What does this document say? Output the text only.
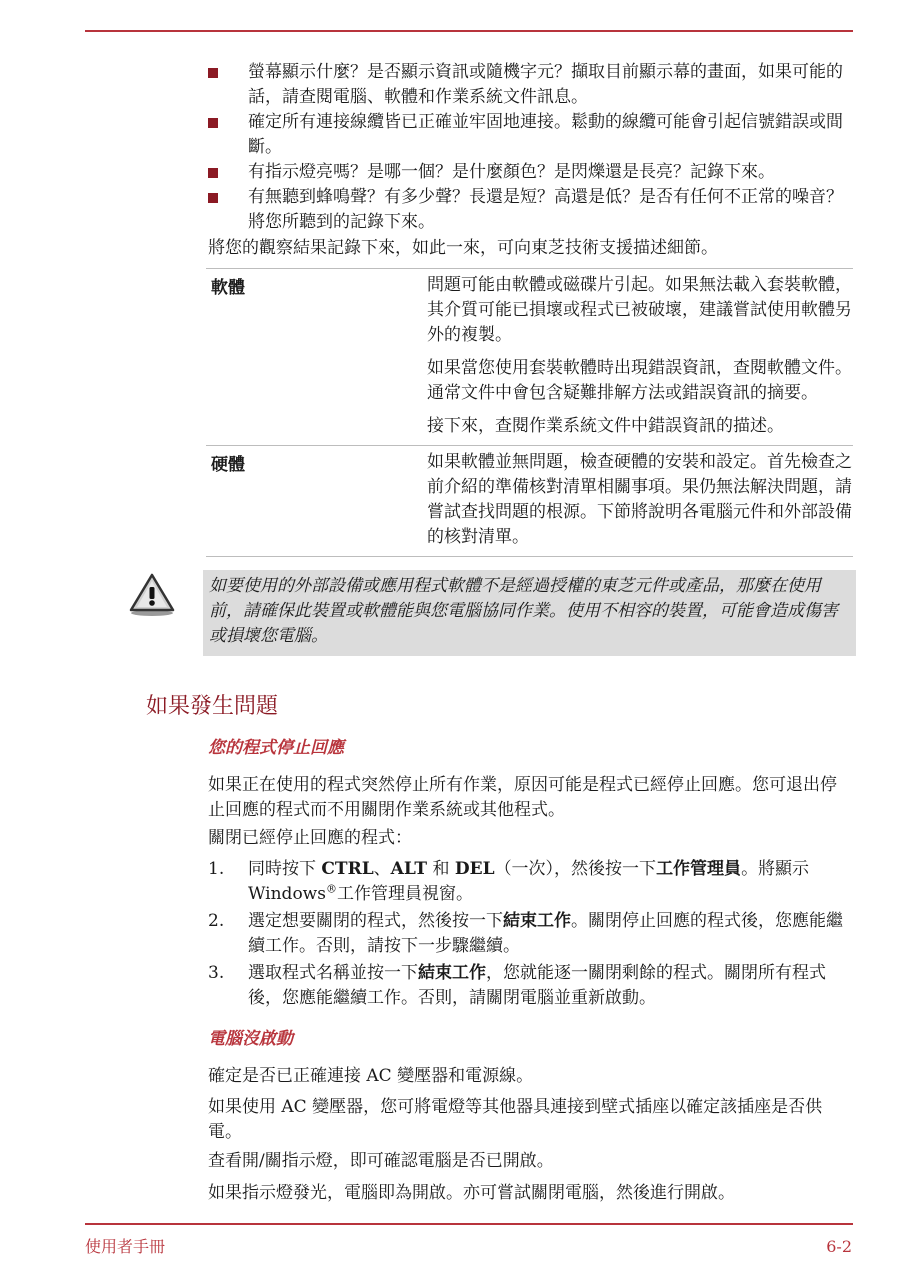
螢幕顯示什麼？是否顯示資訊或隨機字元？擷取目前顯示幕的畫面，如果可能的話，請查閱電腦、軟體和作業系統文件訊息。
確定所有連接線纜皆已正確並牢固地連接。鬆動的線纜可能會引起信號錯誤或間斷。
有指示燈亮嗎？是哪一個？是什麼顏色？是閃爍還是長亮？記錄下來。
有無聽到蜂鳴聲？有多少聲？長還是短？高還是低？是否有任何不正常的噪音？將您所聽到的記錄下來。

將您的觀察結果記錄下來，如此一來，可向東芝技術支援描述細節。

軟體	問題可能由軟體或磁碟片引起。如果無法載入套裝軟體，其介質可能已損壞或程式已被破壞，建議嘗試使用軟體另外的複製。

如果當您使用套裝軟體時出現錯誤資訊，查閱軟體文件。通常文件中會包含疑難排解方法或錯誤資訊的摘要。

接下來，查閱作業系統文件中錯誤資訊的描述。

硬體	如果軟體並無問題，檢查硬體的安裝和設定。首先檢查之前介紹的準備核對清單相關事項。果仍無法解決問題，請嘗試查找問題的根源。下節將說明各電腦元件和外部設備的核對清單。

如要使用的外部設備或應用程式軟體不是經過授權的東芝元件或產品，那麼在使用前，請確保此裝置或軟體能與您電腦協同作業。使用不相容的裝置，可能會造成傷害或損壞您電腦。
如果發生問題
您的程式停止回應

如果正在使用的程式突然停止所有作業，原因可能是程式已經停止回應。您可退出停止回應的程式而不用關閉作業系統或其他程式。

關閉已經停止回應的程式：

1. 同時按下 CTRL、ALT 和 DEL（一次），然後按一下工作管理員。將顯示 Windows®工作管理員視窗。
2. 選定想要關閉的程式，然後按一下結束工作。關閉停止回應的程式後，您應能繼續工作。否則，請按下一步驟繼續。
3. 選取程式名稱並按一下結束工作，您就能逐一關閉剩餘的程式。關閉所有程式後，您應能繼續工作。否則，請關閉電腦並重新啟動。
電腦沒啟動

確定是否已正確連接 AC 變壓器和電源線。

如果使用 AC 變壓器，您可將電燈等其他器具連接到壁式插座以確定該插座是否供電。

查看開/關指示燈，即可確認電腦是否已開啟。

如果指示燈發光，電腦即為開啟。亦可嘗試關閉電腦，然後進行開啟。

使用者手冊	6-2
